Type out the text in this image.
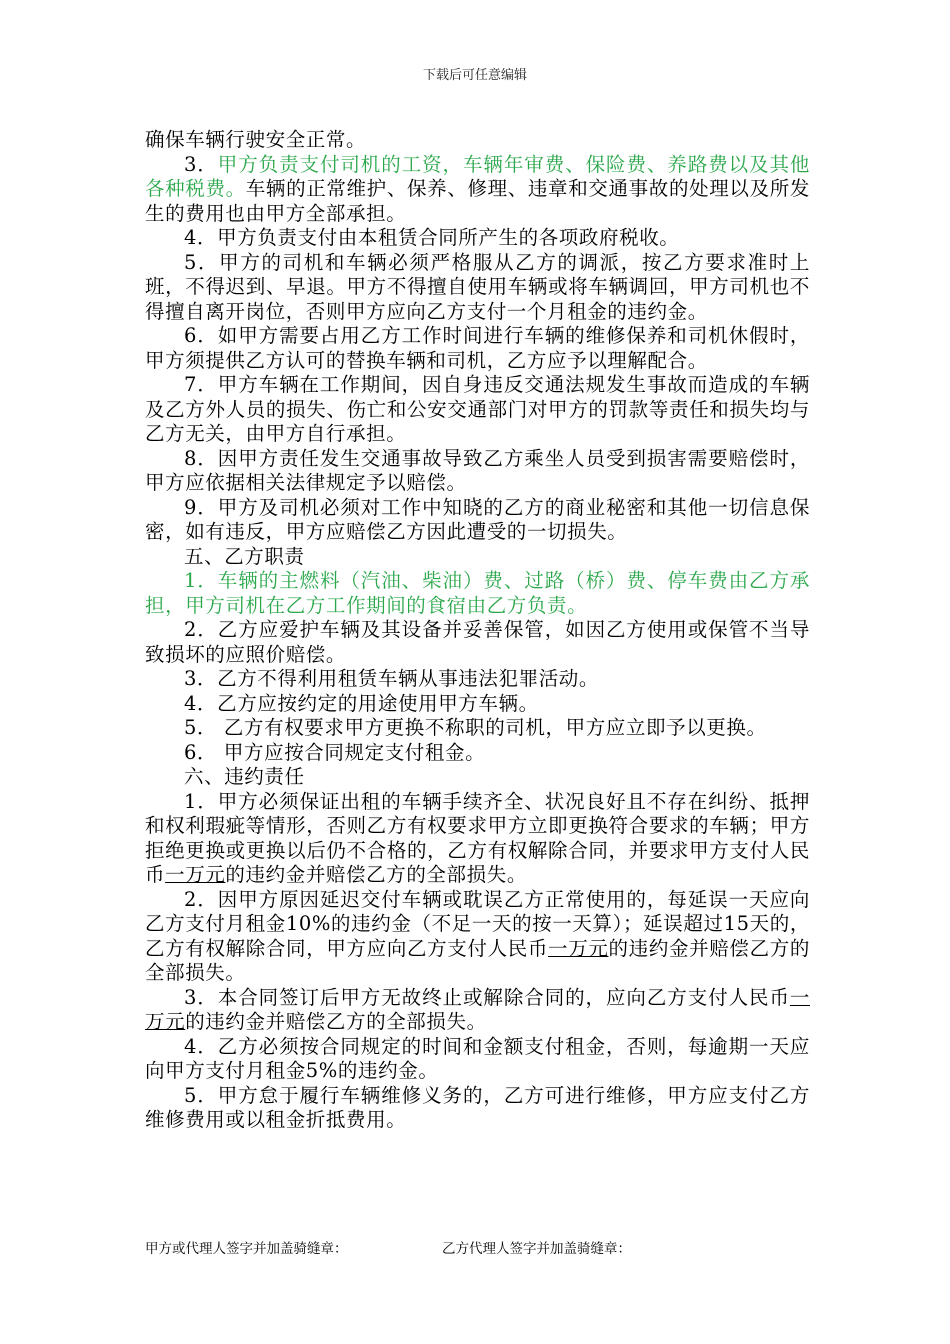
下载后可任意编辑

确保车辆行驶安全正常。

3．甲方负责支付司机的工资，车辆年审费、保险费、养路费以及其他各种税费。车辆的正常维护、保养、修理、违章和交通事故的处理以及所发生的费用也由甲方全部承担。

4．甲方负责支付由本租赁合同所产生的各项政府税收。

5．甲方的司机和车辆必须严格服从乙方的调派，按乙方要求准时上班，不得迟到、早退。甲方不得擅自使用车辆或将车辆调回，甲方司机也不得擅自离开岗位，否则甲方应向乙方支付一个月租金的违约金。

6．如甲方需要占用乙方工作时间进行车辆的维修保养和司机休假时，甲方须提供乙方认可的替换车辆和司机，乙方应予以理解配合。

7．甲方车辆在工作期间，因自身违反交通法规发生事故而造成的车辆及乙方外人员的损失、伤亡和公安交通部门对甲方的罚款等责任和损失均与乙方无关，由甲方自行承担。

8．因甲方责任发生交通事故导致乙方乘坐人员受到损害需要赔偿时，甲方应依据相关法律规定予以赔偿。

9．甲方及司机必须对工作中知晓的乙方的商业秘密和其他一切信息保密，如有违反，甲方应赔偿乙方因此遭受的一切损失。

五、乙方职责

1．车辆的主燃料（汽油、柴油）费、过路（桥）费、停车费由乙方承担，甲方司机在乙方工作期间的食宿由乙方负责。

2．乙方应爱护车辆及其设备并妥善保管，如因乙方使用或保管不当导致损坏的应照价赔偿。

3．乙方不得利用租赁车辆从事违法犯罪活动。

4．乙方应按约定的用途使用甲方车辆。

5． 乙方有权要求甲方更换不称职的司机，甲方应立即予以更换。

6． 甲方应按合同规定支付租金。

六、违约责任

1．甲方必须保证出租的车辆手续齐全、状况良好且不存在纠纷、抵押和权利瑕疵等情形，否则乙方有权要求甲方立即更换符合要求的车辆；甲方拒绝更换或更换以后仍不合格的，乙方有权解除合同，并要求甲方支付人民币一万元的违约金并赔偿乙方的全部损失。

2．因甲方原因延迟交付车辆或耽误乙方正常使用的，每延误一天应向乙方支付月租金10%的违约金（不足一天的按一天算）；延误超过15天的，乙方有权解除合同，甲方应向乙方支付人民币一万元的违约金并赔偿乙方的全部损失。

3．本合同签订后甲方无故终止或解除合同的，应向乙方支付人民币一万元的违约金并赔偿乙方的全部损失。

4．乙方必须按合同规定的时间和金额支付租金，否则，每逾期一天应向甲方支付月租金5%的违约金。

5．甲方怠于履行车辆维修义务的，乙方可进行维修，甲方应支付乙方维修费用或以租金折抵费用。

甲方或代理人签字并加盖骑缝章：	乙方代理人签字并加盖骑缝章：
